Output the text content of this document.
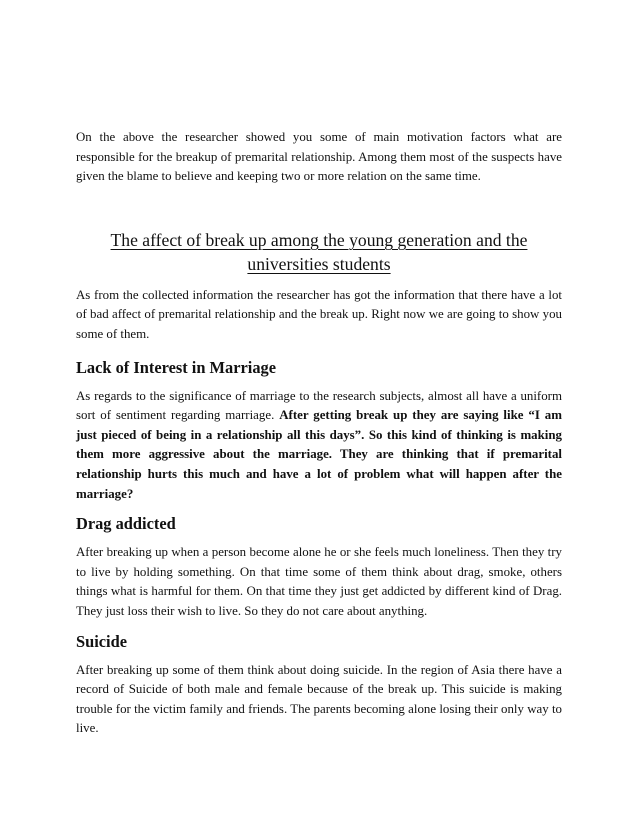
On the above the researcher showed you some of main motivation factors what are responsible for the breakup of premarital relationship. Among them most of the suspects have given the blame to believe and keeping two or more relation on the same time.

The affect of break up among the young generation and the universities students

As from the collected information the researcher has got the information that there have a lot of bad affect of premarital relationship and the break up. Right now we are going to show you some of them.

Lack of Interest in Marriage

As regards to the significance of marriage to the research subjects, almost all have a uniform sort of sentiment regarding marriage. After getting break up they are saying like “I am just pieced of being in a relationship all this days”. So this kind of thinking is making them more aggressive about the marriage. They are thinking that if premarital relationship hurts this much and have a lot of problem what will happen after the marriage?

Drag addicted

After breaking up when a person become alone he or she feels much loneliness. Then they try to live by holding something. On that time some of them think about drag, smoke, others things what is harmful for them. On that time they just get addicted by different kind of Drag. They just loss their wish to live. So they do not care about anything.

Suicide

After breaking up some of them think about doing suicide. In the region of Asia there have a record of Suicide of both male and female because of the break up. This suicide is making trouble for the victim family and friends. The parents becoming alone losing their only way to live.
